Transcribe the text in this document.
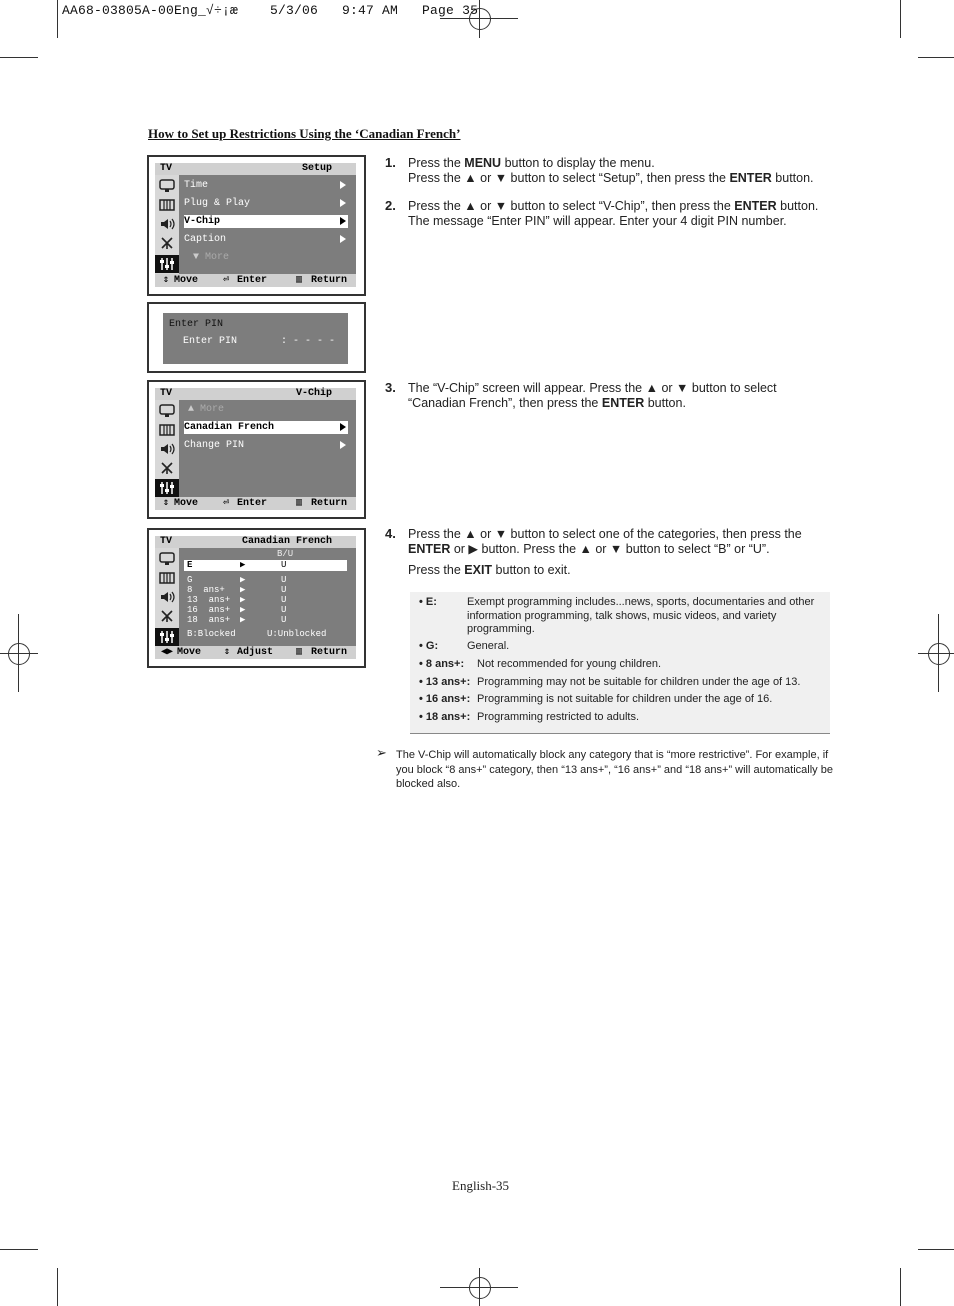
AA68-03805A-00Eng_√÷¡æ    5/3/06   9:47 AM   Page 35
How to Set up Restrictions Using the ‘Canadian French’
TV	Setup
Time
Plug & Play
V-Chip
Caption
▼ More
⇕ Move ⏎ Enter	▥ Return
Enter PIN
Enter PIN	: - - - -
TV	V-Chip
▲ More
Canadian French
Change PIN
⇕ Move ⏎ Enter	▥ Return
TV	Canadian French
B/U
E	▶	U
G	▶	U
8  ans+ ▶	U
13  ans+ ▶	U
16  ans+ ▶	U
18  ans+ ▶	U
B:Blocked	U:Unblocked
◀▶ Move ⇕ Adjust ▥ Return
1. Press the MENU button to display the menu.
Press the ▲ or ▼ button to select “Setup”, then press the ENTER button.
2. Press the ▲ or ▼ button to select “V-Chip”, then press the ENTER button.
The message “Enter PIN” will appear. Enter your 4 digit PIN number.
3. The “V-Chip” screen will appear. Press the ▲ or ▼ button to select
“Canadian French”, then press the ENTER button.
4. Press the ▲ or ▼ button to select one of the categories, then press the
ENTER or ▶ button. Press the ▲ or ▼ button to select “B” or “U”.
Press the EXIT button to exit.
• E:	Exempt programming includes...news, sports, documentaries and other information programming, talk shows, music videos, and variety programming.
• G:	General.
• 8 ans+: Not recommended for young children.
• 13 ans+: Programming may not be suitable for children under the age of 13.
• 16 ans+: Programming is not suitable for children under the age of 16.
• 18 ans+: Programming restricted to adults.
➢ The V-Chip will automatically block any category that is “more restrictive”. For example, if you block “8 ans+” category, then “13 ans+”, “16 ans+” and “18 ans+” will automatically be blocked also.
English-35
